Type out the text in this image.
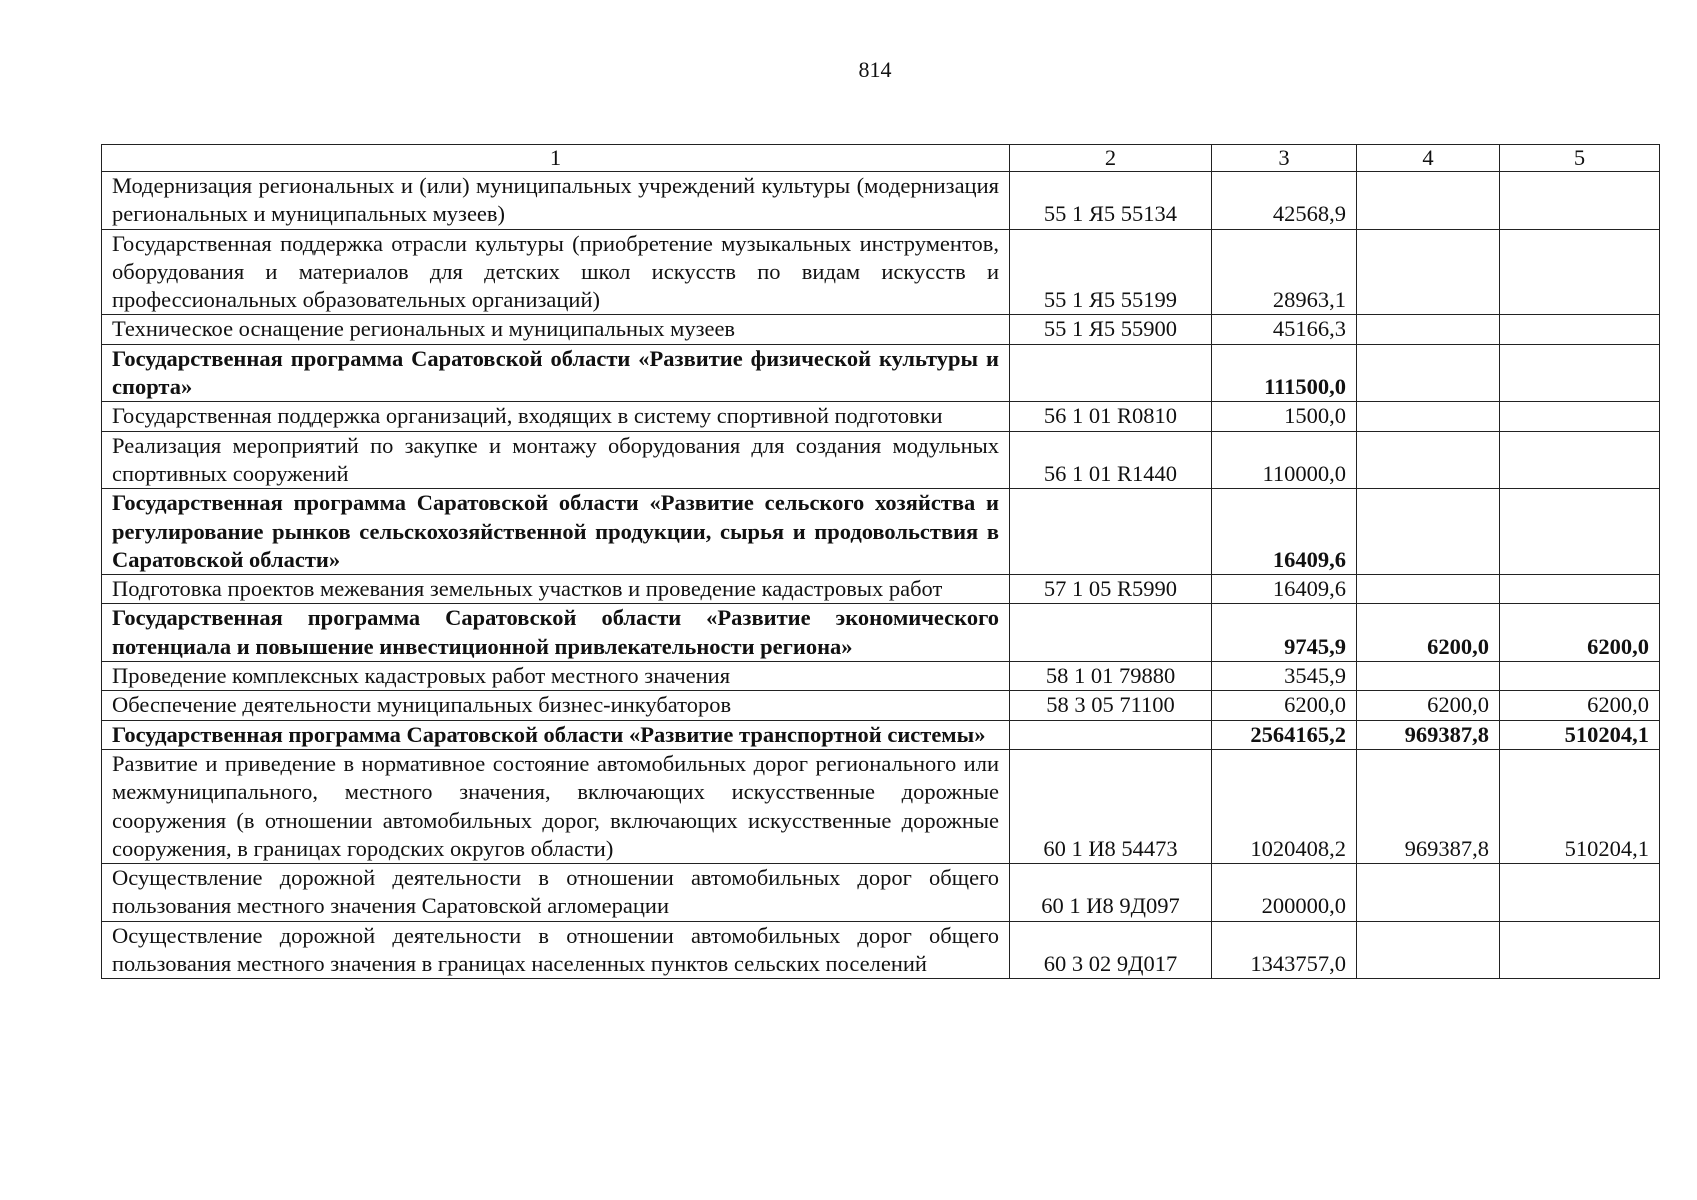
814
1	2	3	4	5
Модернизация региональных и (или) муниципальных учреждений культуры (модернизация региональных и муниципальных музеев)	55 1 Я5 55134	42568,9		
Государственная поддержка отрасли культуры (приобретение музыкальных инструментов, оборудования и материалов для детских школ искусств по видам искусств и профессиональных образовательных организаций)	55 1 Я5 55199	28963,1		
Техническое оснащение региональных и муниципальных музеев	55 1 Я5 55900	45166,3		
Государственная программа Саратовской области «Развитие физической культуры и спорта»		111500,0		
Государственная поддержка организаций, входящих в систему спортивной подготовки	56 1 01 R0810	1500,0		
Реализация мероприятий по закупке и монтажу оборудования для создания модульных спортивных сооружений	56 1 01 R1440	110000,0		
Государственная программа Саратовской области «Развитие сельского хозяйства и регулирование рынков сельскохозяйственной продукции, сырья и продовольствия в Саратовской области»		16409,6		
Подготовка проектов межевания земельных участков и проведение кадастровых работ	57 1 05 R5990	16409,6		
Государственная программа Саратовской области «Развитие экономического потенциала и повышение инвестиционной привлекательности региона»		9745,9	6200,0	6200,0
Проведение комплексных кадастровых работ местного значения	58 1 01 79880	3545,9		
Обеспечение деятельности муниципальных бизнес-инкубаторов	58 3 05 71100	6200,0	6200,0	6200,0
Государственная программа Саратовской области «Развитие транспортной системы»		2564165,2	969387,8	510204,1
Развитие и приведение в нормативное состояние автомобильных дорог регионального или межмуниципального, местного значения, включающих искусственные дорожные сооружения (в отношении автомобильных дорог, включающих искусственные дорожные сооружения, в границах городских округов области)	60 1 И8 54473	1020408,2	969387,8	510204,1
Осуществление дорожной деятельности в отношении автомобильных дорог общего пользования местного значения Саратовской агломерации	60 1 И8 9Д097	200000,0		
Осуществление дорожной деятельности в отношении автомобильных дорог общего пользования местного значения в границах населенных пунктов сельских поселений	60 3 02 9Д017	1343757,0		
